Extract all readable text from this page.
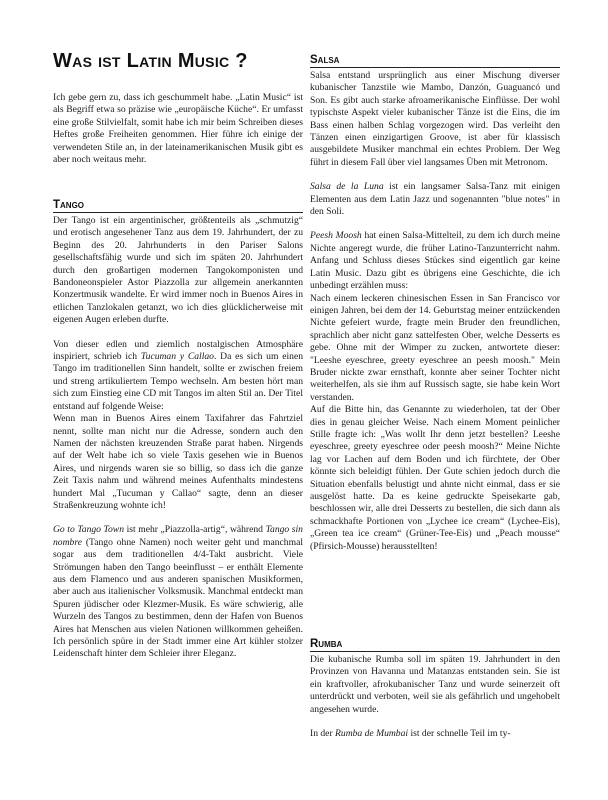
Was ist Latin Music ?

Ich gebe gern zu, dass ich geschummelt habe. „Latin Music“ ist als Begriff etwa so präzise wie „europäische Küche“. Er umfasst eine große Stilvielfalt, somit habe ich mir beim Schreiben dieses Heftes große Freiheiten genommen. Hier führe ich einige der verwendeten Stile an, in der lateinamerikanischen Musik gibt es aber noch weitaus mehr.

Tango

Der Tango ist ein argentinischer, größtenteils als „schmutzig“ und erotisch angesehener Tanz aus dem 19. Jahrhundert, der zu Beginn des 20. Jahrhunderts in den Pariser Salons gesellschaftsfähig wurde und sich im späten 20. Jahrhundert durch den großartigen modernen Tangokomponisten und Bandoneonspieler Astor Piazzolla zur allgemein anerkannten Konzertmusik wandelte. Er wird immer noch in Buenos Aires in etlichen Tanzlokalen getanzt, wo ich dies glücklicherweise mit eigenen Augen erleben durfte.

Von dieser edlen und ziemlich nostalgischen Atmosphäre inspiriert, schrieb ich Tucuman y Callao. Da es sich um einen Tango im traditionellen Sinn handelt, sollte er zwischen freiem und streng artikuliertem Tempo wechseln. Am besten hört man sich zum Einstieg eine CD mit Tangos im alten Stil an. Der Titel entstand auf folgende Weise:

Wenn man in Buenos Aires einem Taxifahrer das Fahrtziel nennt, sollte man nicht nur die Adresse, sondern auch den Namen der nächsten kreuzenden Straße parat haben. Nirgends auf der Welt habe ich so viele Taxis gesehen wie in Buenos Aires, und nirgends waren sie so billig, so dass ich die ganze Zeit Taxis nahm und während meines Aufenthalts mindestens hundert Mal „Tucuman y Callao“ sagte, denn an dieser Straßenkreuzung wohnte ich!

Go to Tango Town ist mehr „Piazzolla-artig“, während Tango sin nombre (Tango ohne Namen) noch weiter geht und manchmal sogar aus dem traditionellen 4/4-Takt ausbricht. Viele Strömungen haben den Tango beeinflusst – er enthält Elemente aus dem Flamenco und aus anderen spanischen Musikformen, aber auch aus italienischer Volksmusik. Manchmal entdeckt man Spuren jüdischer oder Klezmer-Musik. Es wäre schwierig, alle Wurzeln des Tangos zu bestimmen, denn der Hafen von Buenos Aires hat Menschen aus vielen Nationen willkommen geheißen. Ich persönlich spüre in der Stadt immer eine Art kühler stolzer Leidenschaft hinter dem Schleier ihrer Eleganz.

Salsa

Salsa entstand ursprünglich aus einer Mischung diverser kubanischer Tanzstile wie Mambo, Danzón, Guaguancó und Son. Es gibt auch starke afroamerikanische Einflüsse. Der wohl typischste Aspekt vieler kubanischer Tänze ist die Eins, die im Bass einen halben Schlag vorgezogen wird. Das verleiht den Tänzen einen einzigartigen Groove, ist aber für klassisch ausgebildete Musiker manchmal ein echtes Problem. Der Weg führt in diesem Fall über viel langsames Üben mit Metronom.

Salsa de la Luna ist ein langsamer Salsa-Tanz mit einigen Elementen aus dem Latin Jazz und sogenannten "blue notes" in den Soli.

Peesh Moosh hat einen Salsa-Mittelteil, zu dem ich durch meine Nichte angeregt wurde, die früher Latino-Tanzunterricht nahm. Anfang und Schluss dieses Stückes sind eigentlich gar keine Latin Music. Dazu gibt es übrigens eine Geschichte, die ich unbedingt erzählen muss:

Nach einem leckeren chinesischen Essen in San Francisco vor einigen Jahren, bei dem der 14. Geburtstag meiner entzückenden Nichte gefeiert wurde, fragte mein Bruder den freundlichen, sprachlich aber nicht ganz sattelfesten Ober, welche Desserts es gebe. Ohne mit der Wimper zu zucken, antwortete dieser: "Leeshe eyeschree, greety eyeschree an peesh moosh." Mein Bruder nickte zwar ernsthaft, konnte aber seiner Tochter nicht weiterhelfen, als sie ihm auf Russisch sagte, sie habe kein Wort verstanden.

Auf die Bitte hin, das Genannte zu wiederholen, tat der Ober dies in genau gleicher Weise. Nach einem Moment peinlicher Stille fragte ich: „Was wollt Ihr denn jetzt bestellen? Leeshe eyeschree, greety eyeschree oder peesh moosh?“ Meine Nichte lag vor Lachen auf dem Boden und ich fürchtete, der Ober könnte sich beleidigt fühlen. Der Gute schien jedoch durch die Situation ebenfalls belustigt und ahnte nicht einmal, dass er sie ausgelöst hatte. Da es keine gedruckte Speisekarte gab, beschlossen wir, alle drei Desserts zu bestellen, die sich dann als schmackhafte Portionen von „Lychee ice cream“ (Lychee-Eis), „Green tea ice cream“ (Grüner-Tee-Eis) und „Peach mousse“ (Pfirsich-Mousse) herausstellten!

Rumba

Die kubanische Rumba soll im späten 19. Jahrhundert in den Provinzen von Havanna und Matanzas entstanden sein. Sie ist ein kraftvoller, afrokubanischer Tanz und wurde seinerzeit oft unterdrückt und verboten, weil sie als gefährlich und ungehobelt angesehen wurde.

In der Rumba de Mumbai ist der schnelle Teil im ty-
